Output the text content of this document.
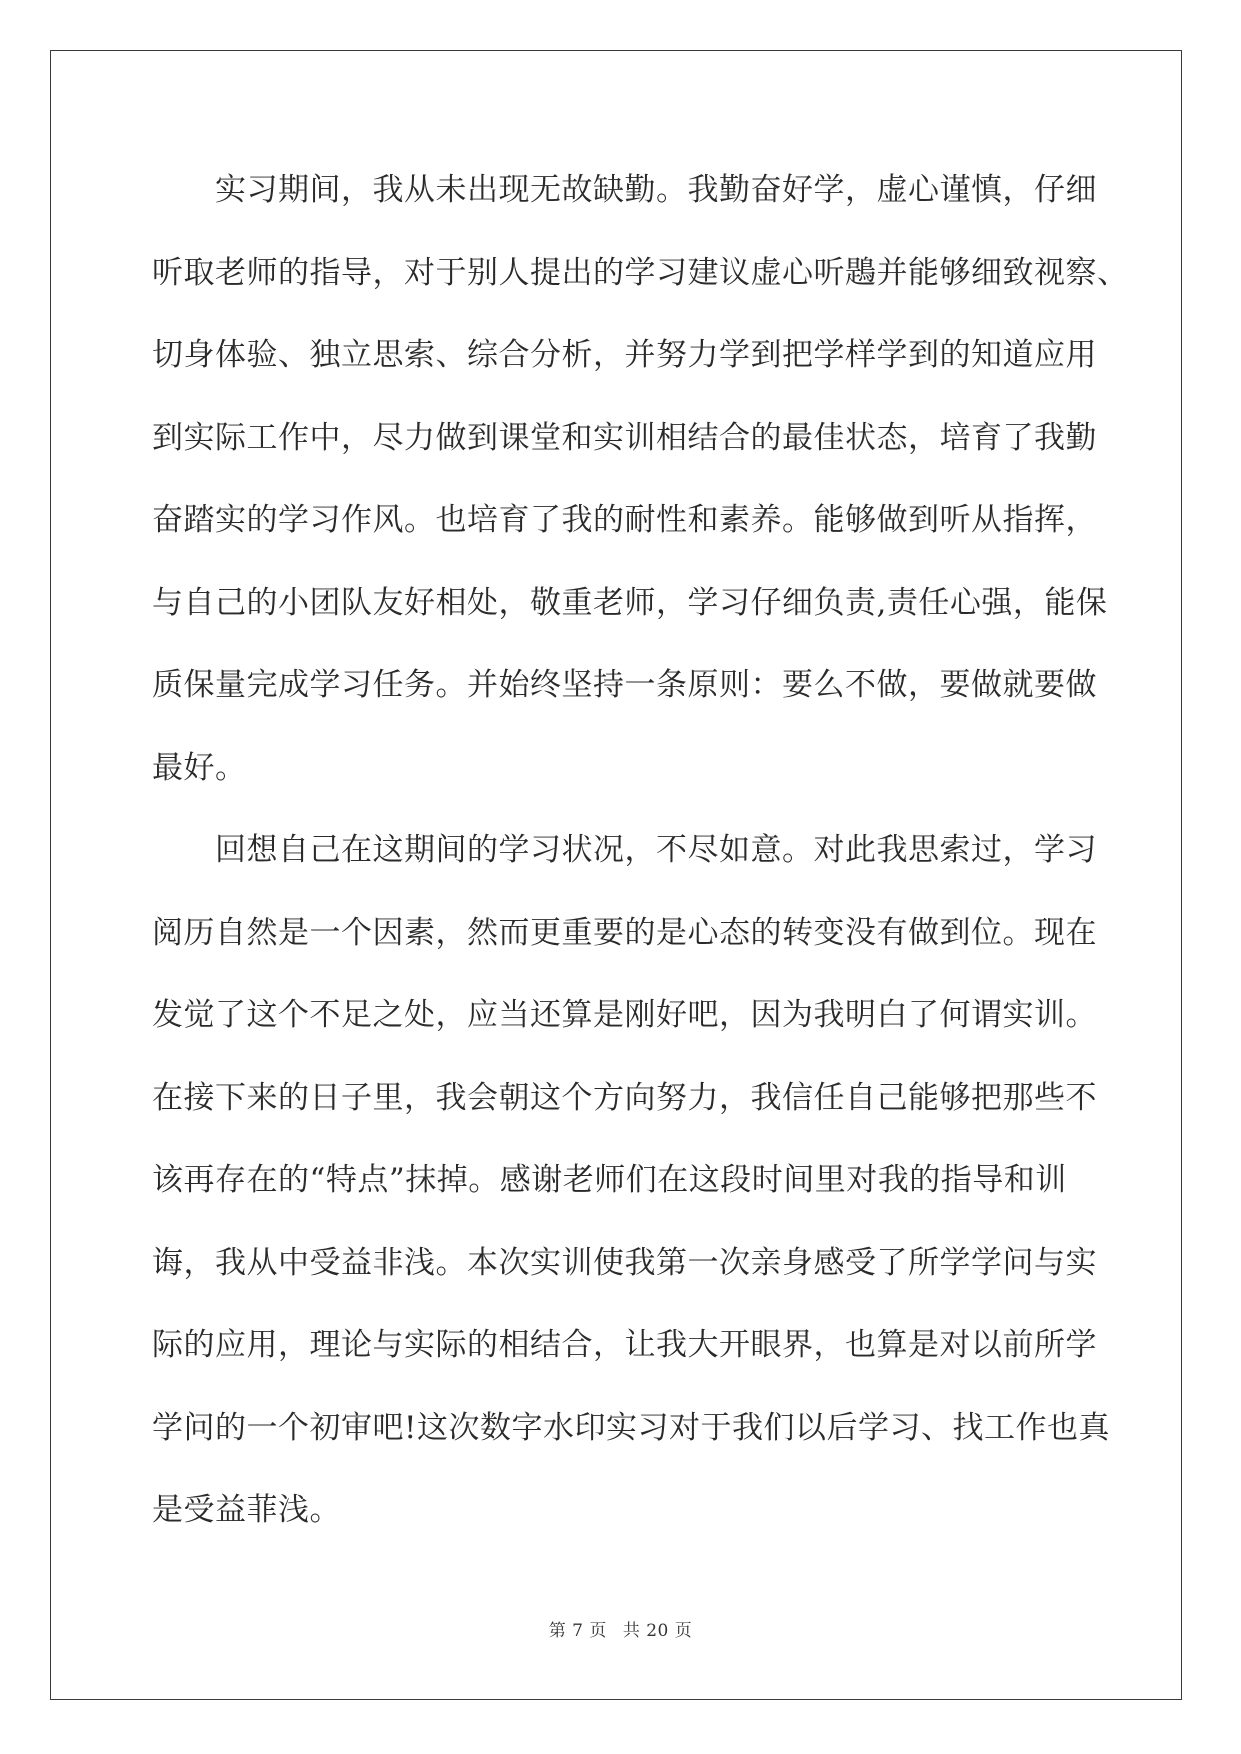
实习期间，我从未出现无故缺勤。我勤奋好学，虚心谨慎，仔细
听取老师的指导，对于别人提出的学习建议虚心听鶗并能够细致视察、
切身体验、独立思索、综合分析，并努力学到把学样学到的知道应用
到实际工作中，尽力做到课堂和实训相结合的最佳状态，培育了我勤
奋踏实的学习作风。也培育了我的耐性和素养。能够做到听从指挥，
与自己的小团队友好相处，敬重老师，学习仔细负责,责任心强，能保
质保量完成学习任务。并始终坚持一条原则：要么不做，要做就要做
最好。
回想自己在这期间的学习状况，不尽如意。对此我思索过，学习
阅历自然是一个因素，然而更重要的是心态的转变没有做到位。现在
发觉了这个不足之处，应当还算是刚好吧，因为我明白了何谓实训。
在接下来的日子里，我会朝这个方向努力，我信任自己能够把那些不
该再存在的“特点”抹掉。感谢老师们在这段时间里对我的指导和训
诲，我从中受益非浅。本次实训使我第一次亲身感受了所学学问与实
际的应用，理论与实际的相结合，让我大开眼界，也算是对以前所学
学问的一个初审吧!这次数字水印实习对于我们以后学习、找工作也真
是受益菲浅。
第 7 页 共 20 页
